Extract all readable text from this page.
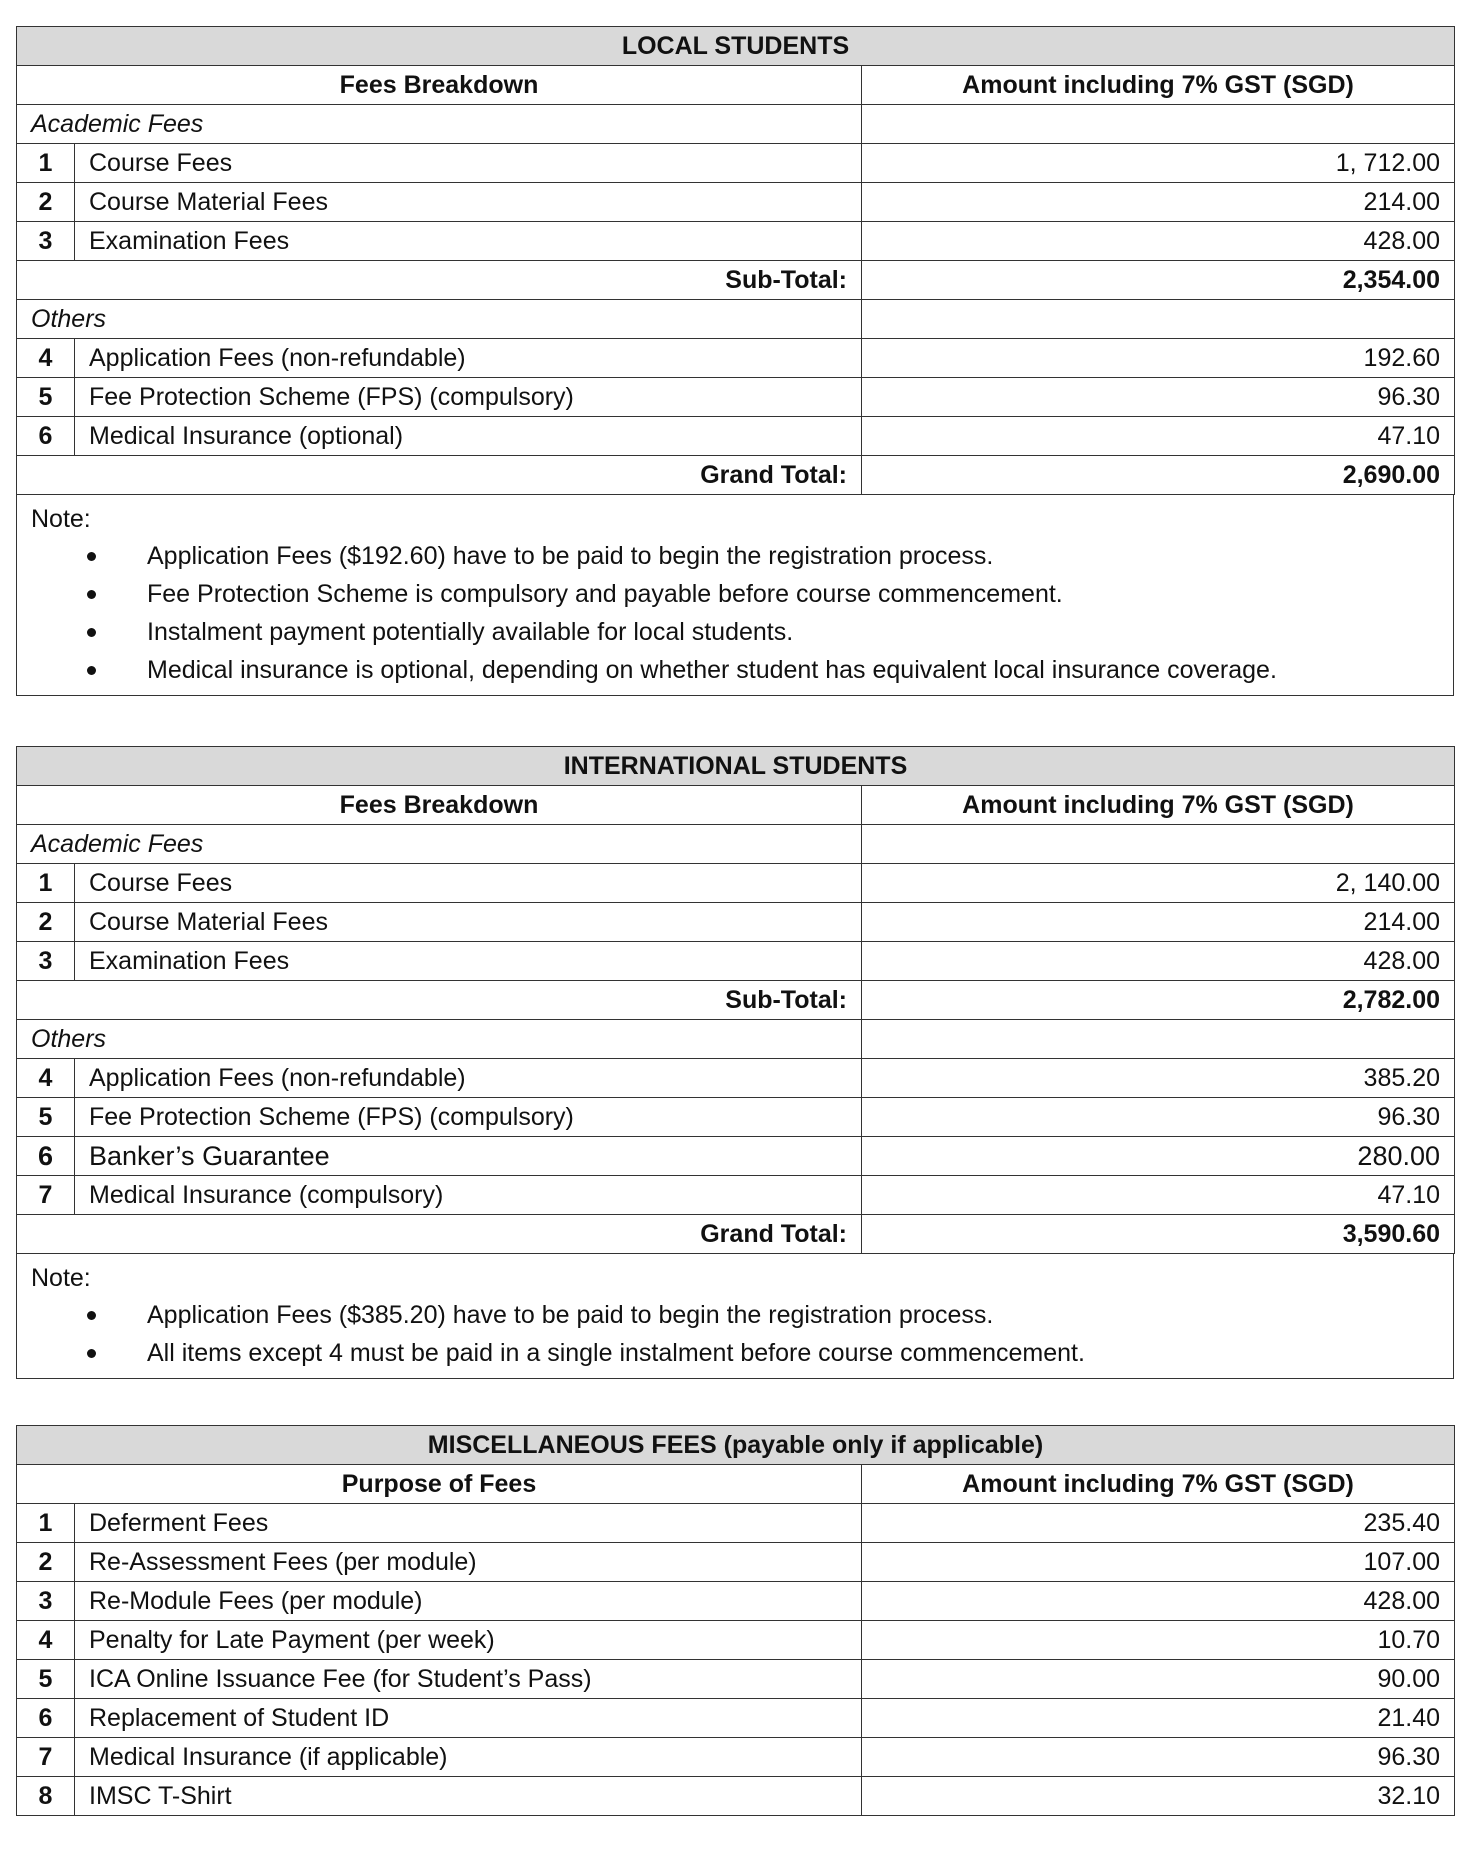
LOCAL STUDENTS		
Fees Breakdown		Amount including 7% GST (SGD)
Academic Fees		
1	Course Fees	1, 712.00
2	Course Material Fees	214.00
3	Examination Fees	428.00
Sub-Total:		2,354.00
Others		
4	Application Fees (non-refundable)	192.60
5	Fee Protection Scheme (FPS) (compulsory)	96.30
6	Medical Insurance (optional)	47.10
Grand Total:		2,690.00
Note:
Application Fees ($192.60) have to be paid to begin the registration process.
Fee Protection Scheme is compulsory and payable before course commencement.
Instalment payment potentially available for local students.
Medical insurance is optional, depending on whether student has equivalent local insurance coverage.
INTERNATIONAL STUDENTS		
Fees Breakdown		Amount including 7% GST (SGD)
Academic Fees		
1	Course Fees	2, 140.00
2	Course Material Fees	214.00
3	Examination Fees	428.00
Sub-Total:		2,782.00
Others		
4	Application Fees (non-refundable)	385.20
5	Fee Protection Scheme (FPS) (compulsory)	96.30
6	Banker’s Guarantee	280.00
7	Medical Insurance (compulsory)	47.10
Grand Total:		3,590.60
Note:
Application Fees ($385.20) have to be paid to begin the registration process.
All items except 4 must be paid in a single instalment before course commencement.
MISCELLANEOUS FEES (payable only if applicable)		
Purpose of Fees		Amount including 7% GST (SGD)
1	Deferment Fees	235.40
2	Re-Assessment Fees (per module)	107.00
3	Re-Module Fees (per module)	428.00
4	Penalty for Late Payment (per week)	10.70
5	ICA Online Issuance Fee (for Student’s Pass)	90.00
6	Replacement of Student ID	21.40
7	Medical Insurance (if applicable)	96.30
8	IMSC T-Shirt	32.10
